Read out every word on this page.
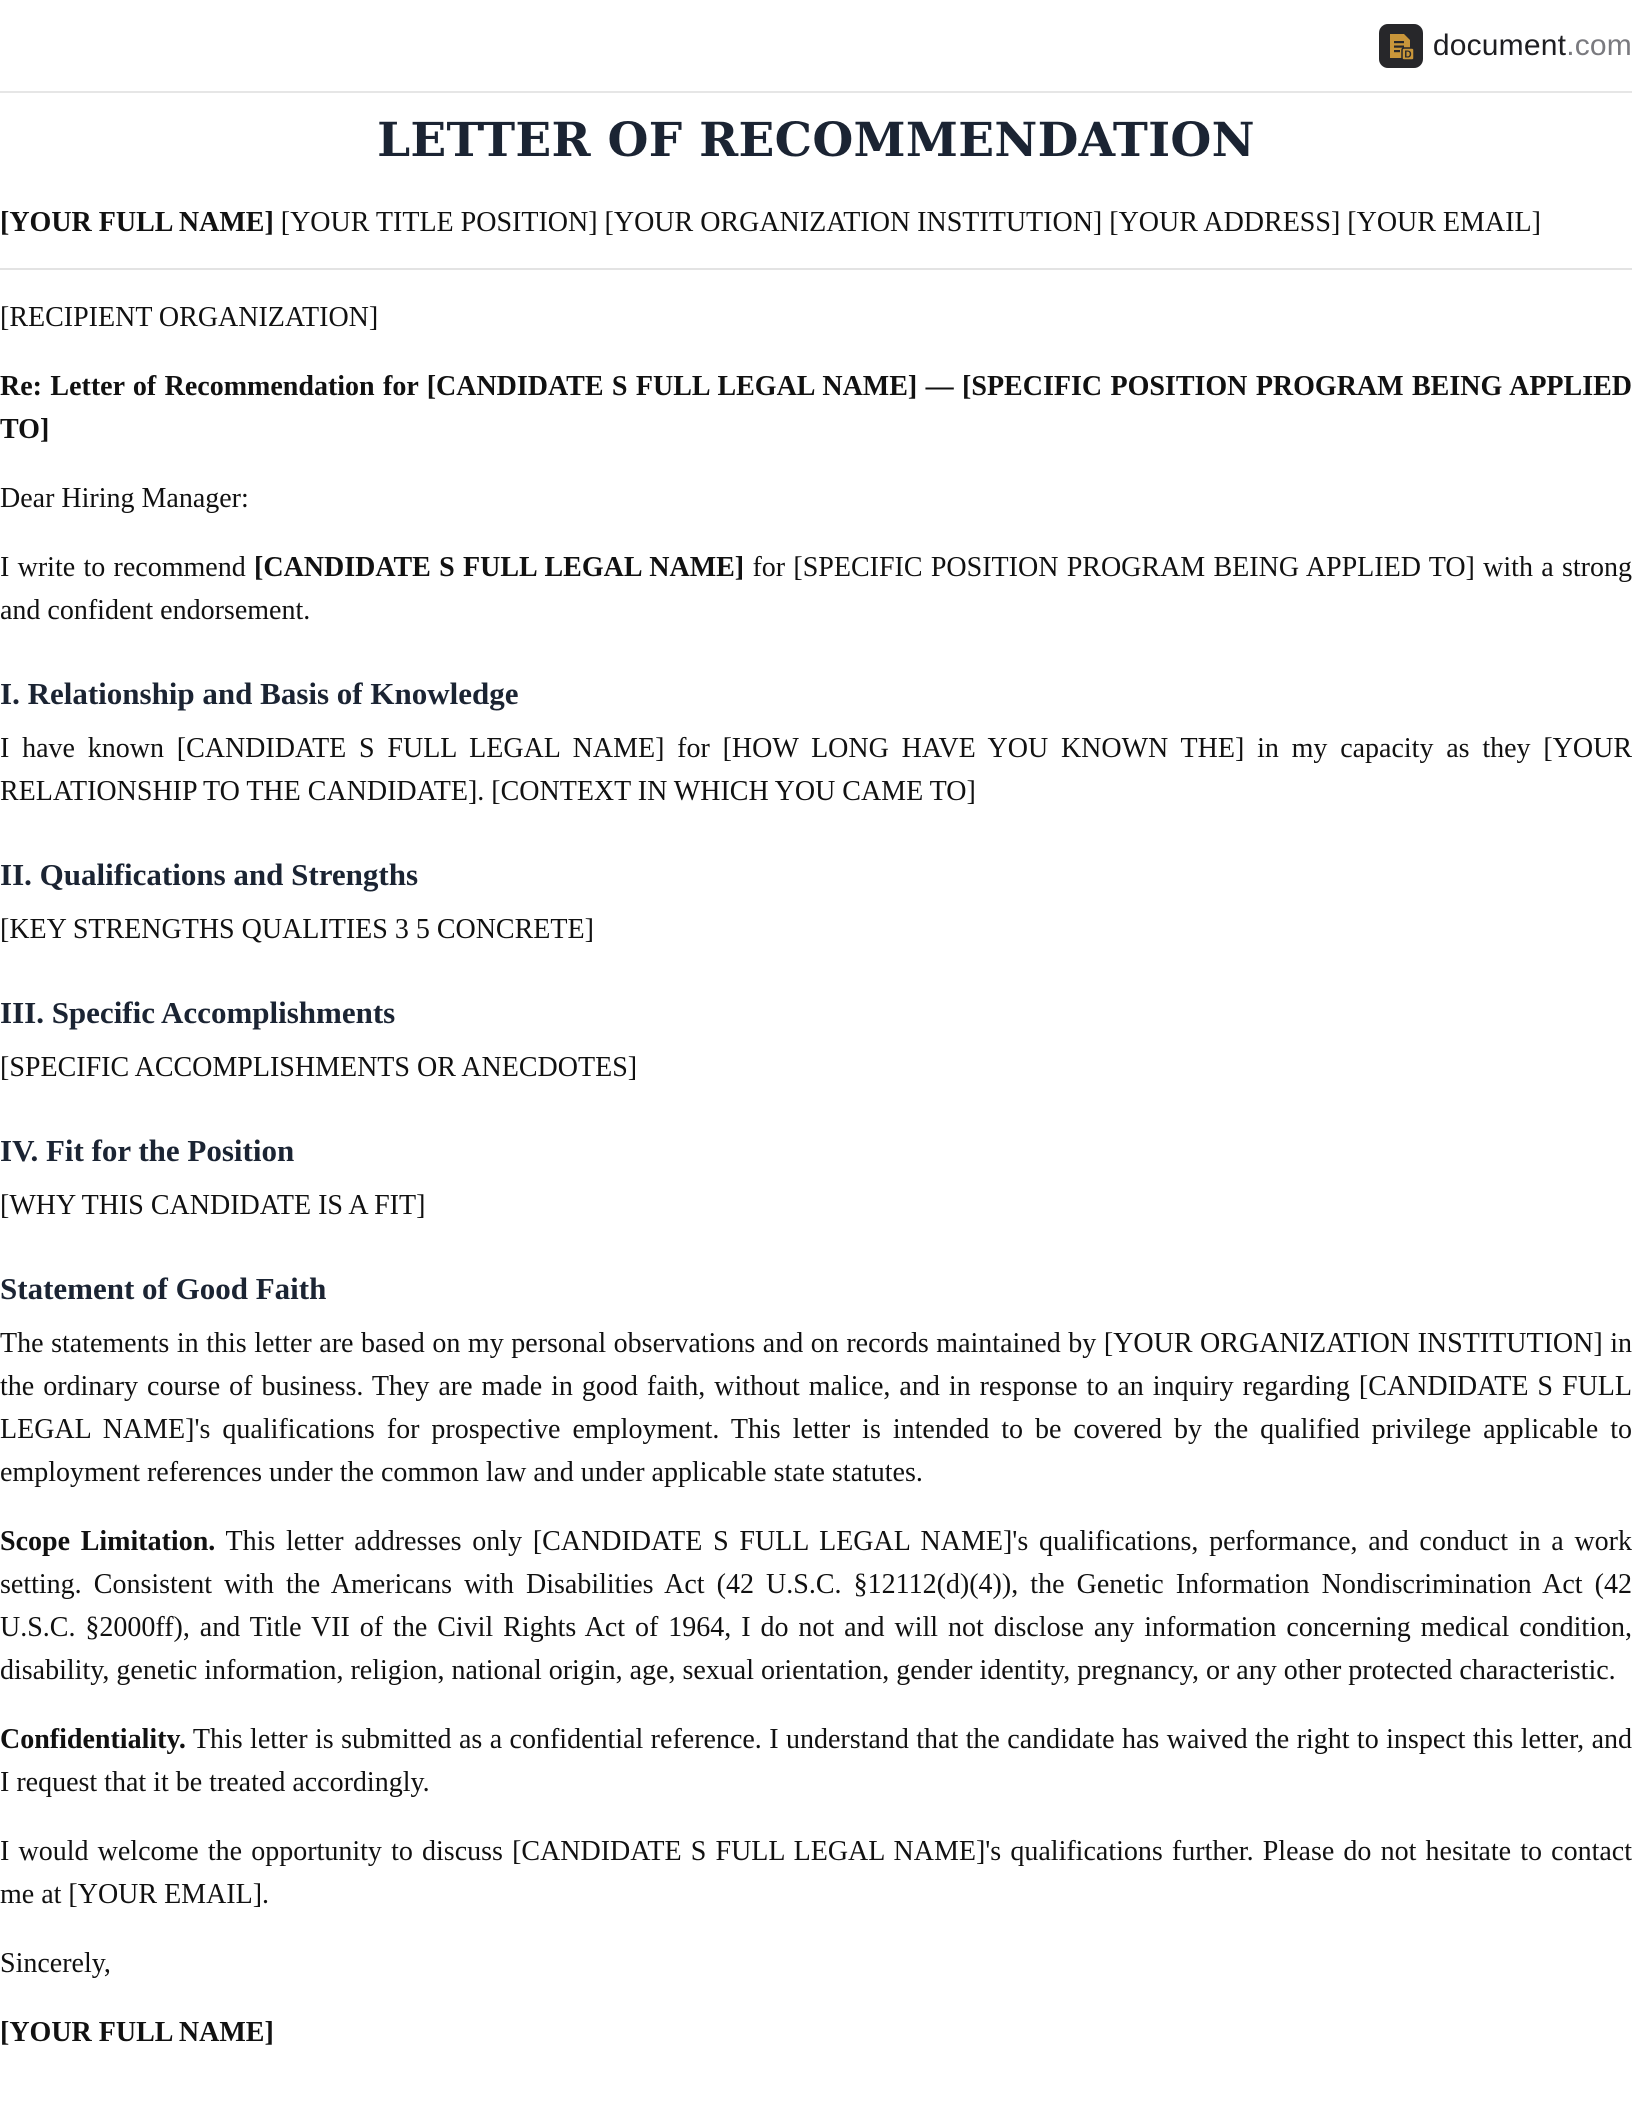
D document.com
LETTER OF RECOMMENDATION

[YOUR FULL NAME] [YOUR TITLE POSITION] [YOUR ORGANIZATION INSTITUTION] [YOUR ADDRESS] [YOUR EMAIL]

[RECIPIENT ORGANIZATION]

Re: Letter of Recommendation for [CANDIDATE S FULL LEGAL NAME] — [SPECIFIC POSITION PROGRAM BEING APPLIED TO]

Dear Hiring Manager:

I write to recommend [CANDIDATE S FULL LEGAL NAME] for [SPECIFIC POSITION PROGRAM BEING APPLIED TO] with a strong and confident endorsement.

I. Relationship and Basis of Knowledge

I have known [CANDIDATE S FULL LEGAL NAME] for [HOW LONG HAVE YOU KNOWN THE] in my capacity as they [YOUR RELATIONSHIP TO THE CANDIDATE]. [CONTEXT IN WHICH YOU CAME TO]

II. Qualifications and Strengths

[KEY STRENGTHS QUALITIES 3 5 CONCRETE]

III. Specific Accomplishments

[SPECIFIC ACCOMPLISHMENTS OR ANECDOTES]

IV. Fit for the Position

[WHY THIS CANDIDATE IS A FIT]

Statement of Good Faith

The statements in this letter are based on my personal observations and on records maintained by [YOUR ORGANIZATION INSTITUTION] in the ordinary course of business. They are made in good faith, without malice, and in response to an inquiry regarding [CANDIDATE S FULL LEGAL NAME]'s qualifications for prospective employment. This letter is intended to be covered by the qualified privilege applicable to employment references under the common law and under applicable state statutes.

Scope Limitation. This letter addresses only [CANDIDATE S FULL LEGAL NAME]'s qualifications, performance, and conduct in a work setting. Consistent with the Americans with Disabilities Act (42 U.S.C. §12112(d)(4)), the Genetic Information Nondiscrimination Act (42 U.S.C. §2000ff), and Title VII of the Civil Rights Act of 1964, I do not and will not disclose any information concerning medical condition, disability, genetic information, religion, national origin, age, sexual orientation, gender identity, pregnancy, or any other protected characteristic.

Confidentiality. This letter is submitted as a confidential reference. I understand that the candidate has waived the right to inspect this letter, and I request that it be treated accordingly.

I would welcome the opportunity to discuss [CANDIDATE S FULL LEGAL NAME]'s qualifications further. Please do not hesitate to contact me at [YOUR EMAIL].

Sincerely,

[YOUR FULL NAME]
